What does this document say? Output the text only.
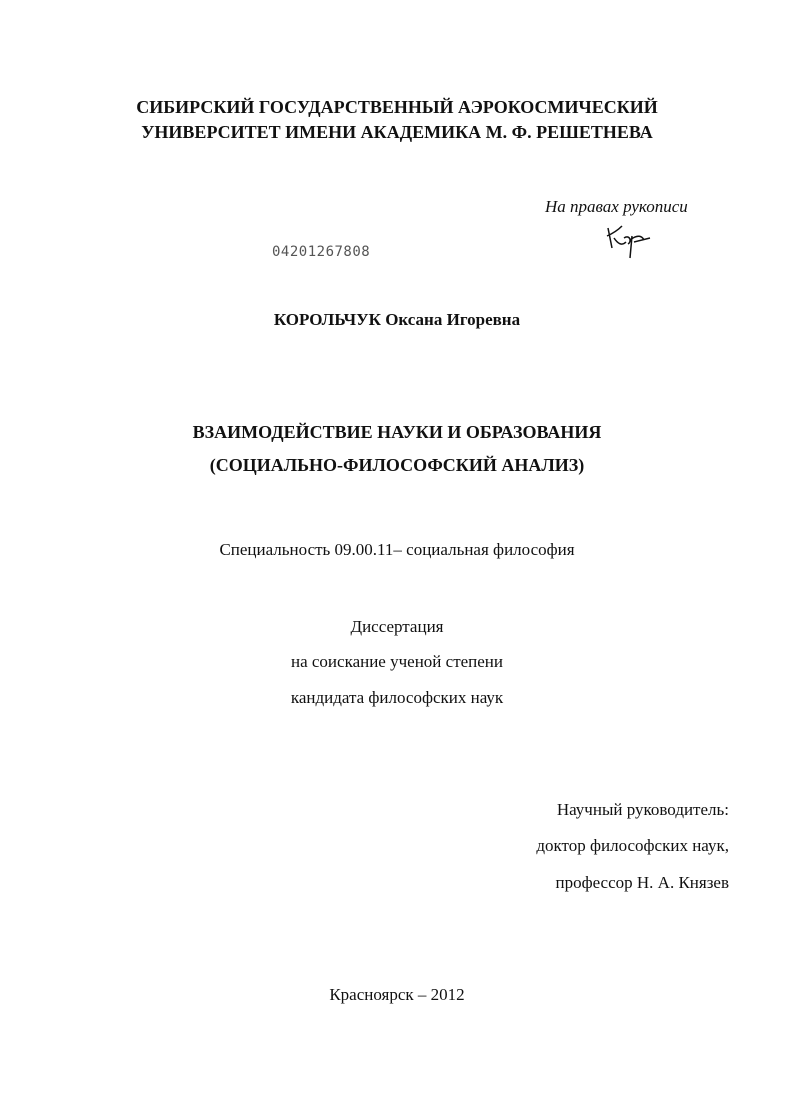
СИБИРСКИЙ ГОСУДАРСТВЕННЫЙ АЭРОКОСМИЧЕСКИЙ
УНИВЕРСИТЕТ ИМЕНИ АКАДЕМИКА М. Ф. РЕШЕТНЕВА
На правах рукописи
04201267808
КОРОЛЬЧУК Оксана Игоревна
ВЗАИМОДЕЙСТВИЕ НАУКИ И ОБРАЗОВАНИЯ
(СОЦИАЛЬНО-ФИЛОСОФСКИЙ АНАЛИЗ)
Специальность 09.00.11– социальная философия
Диссертация
на соискание ученой степени
кандидата философских наук
Научный руководитель:
доктор философских наук,
профессор Н. А. Князев
Красноярск – 2012
